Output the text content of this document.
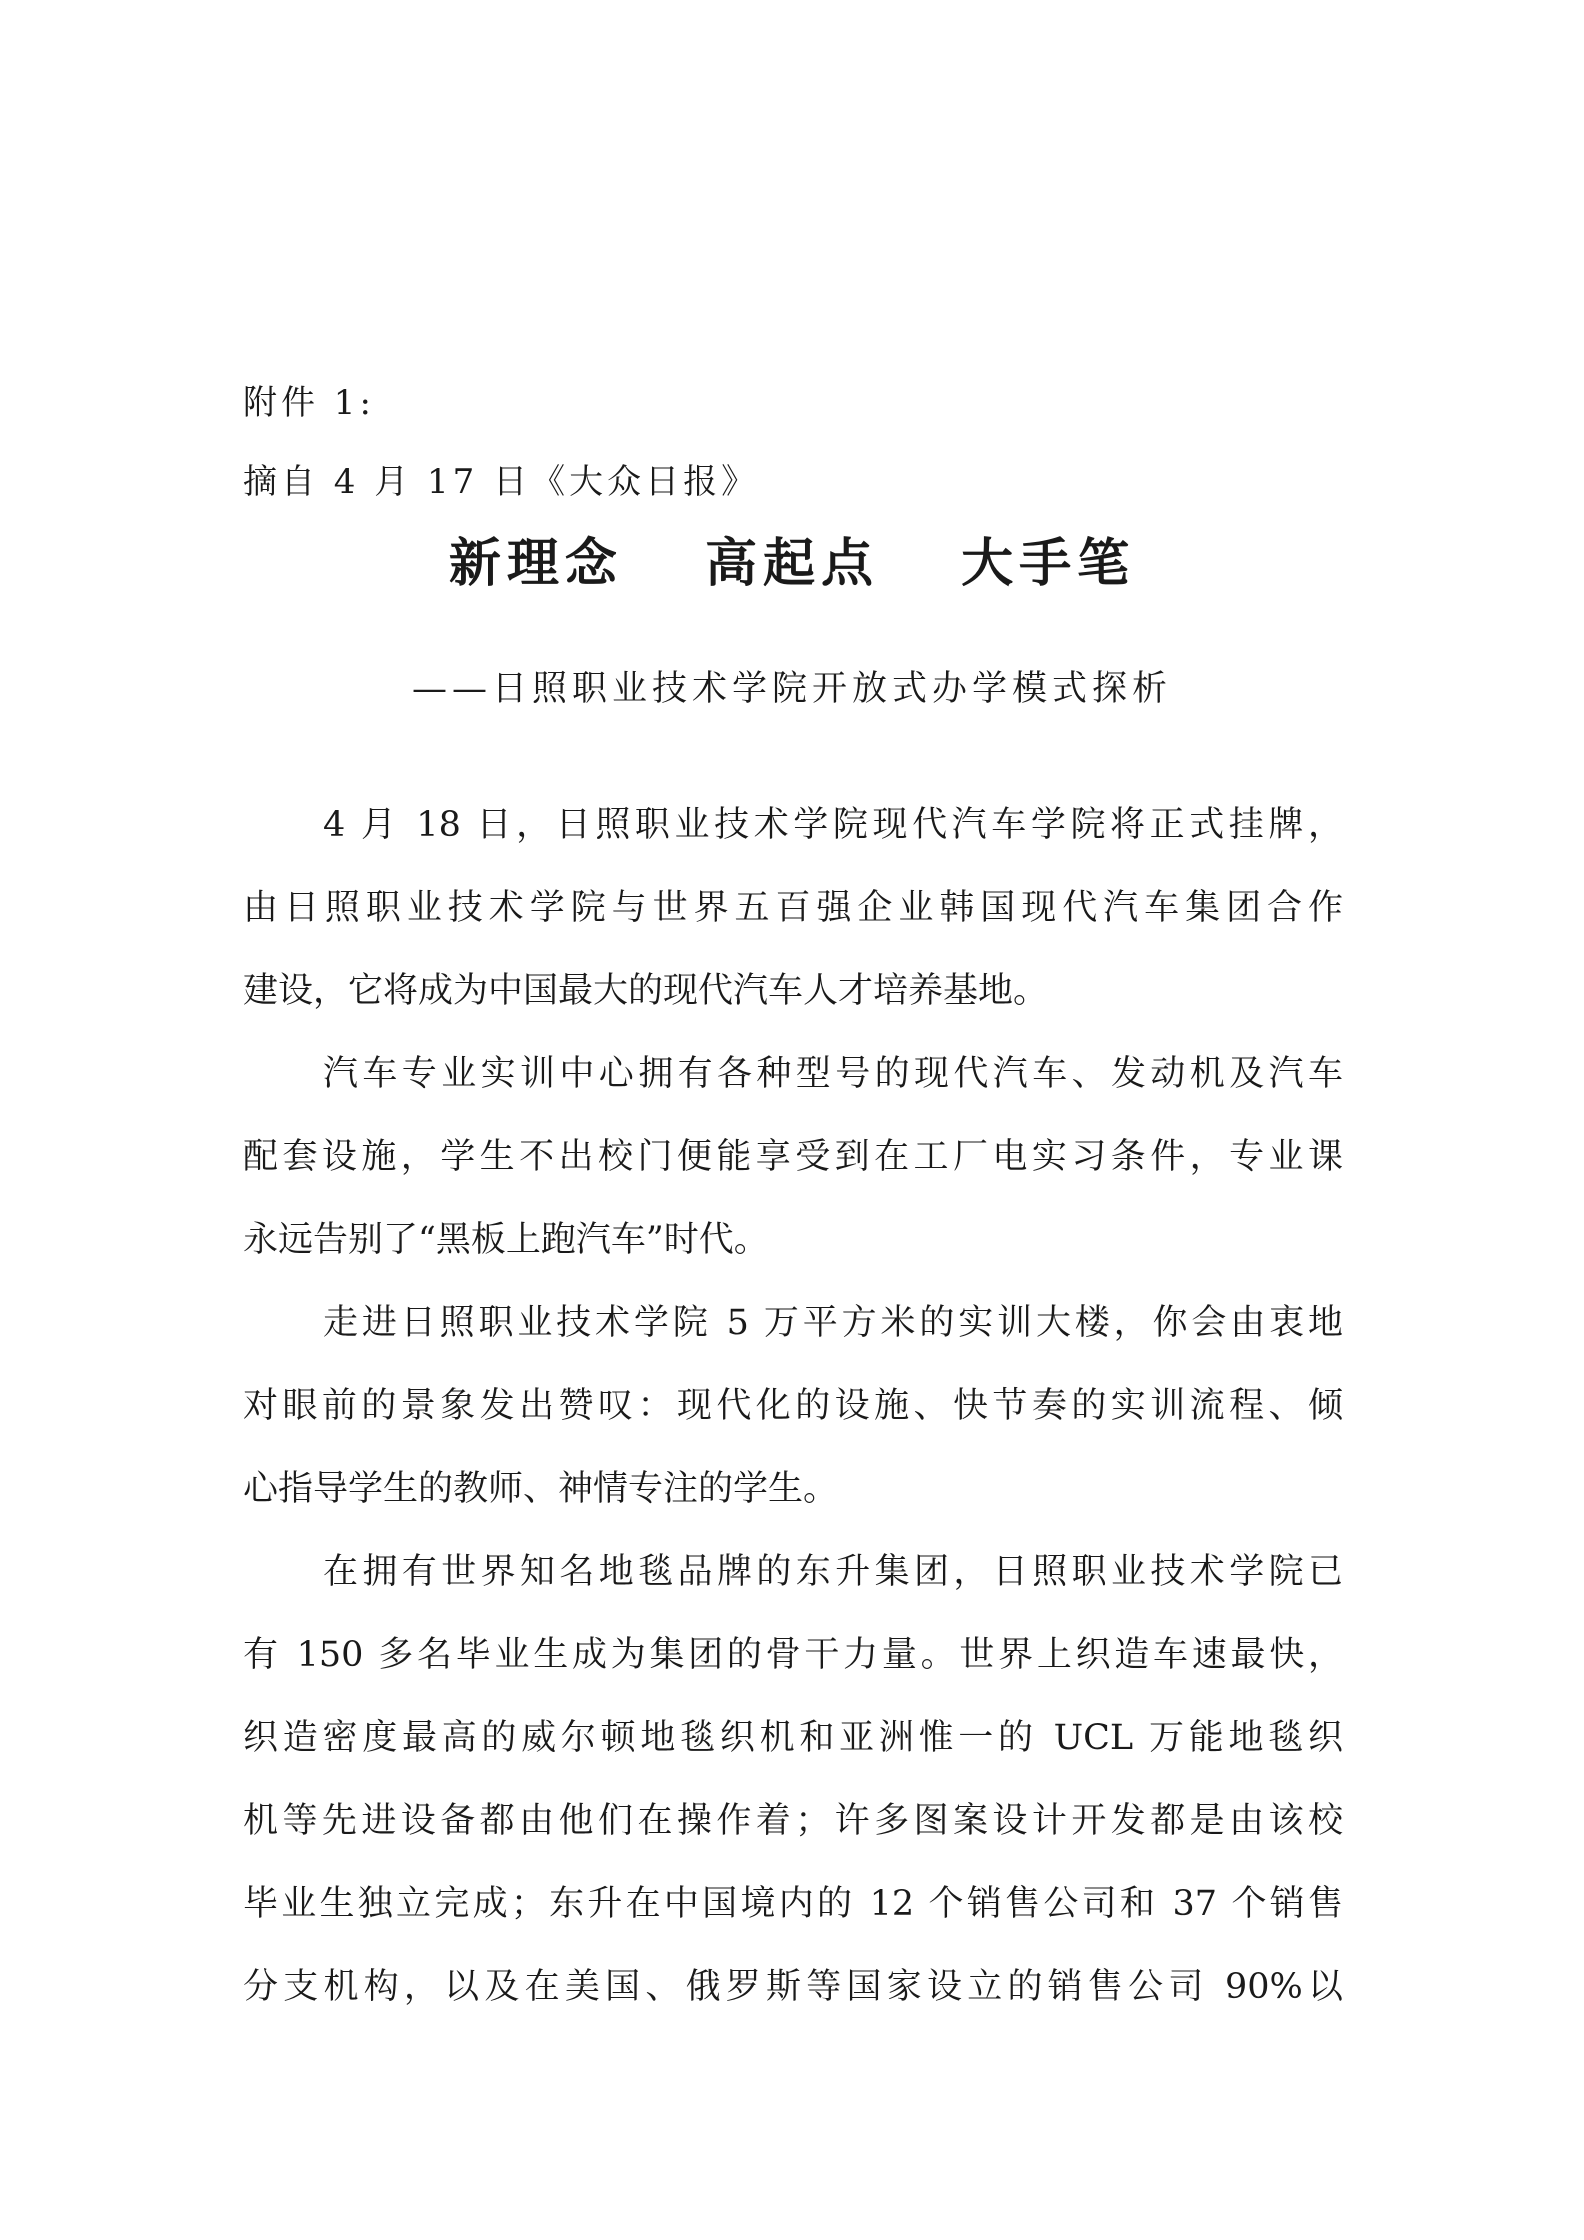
附件 1:
摘自 4 月 17 日《大众日报》
新理念　 高起点　 大手笔
——日照职业技术学院开放式办学模式探析
4 月 18 日，日照职业技术学院现代汽车学院将正式挂牌，
由日照职业技术学院与世界五百强企业韩国现代汽车集团合作
建设，它将成为中国最大的现代汽车人才培养基地。
汽车专业实训中心拥有各种型号的现代汽车、发动机及汽车
配套设施，学生不出校门便能享受到在工厂电实习条件，专业课
永远告别了“黑板上跑汽车”时代。
走进日照职业技术学院 5 万平方米的实训大楼，你会由衷地
对眼前的景象发出赞叹：现代化的设施、快节奏的实训流程、倾
心指导学生的教师、神情专注的学生。
在拥有世界知名地毯品牌的东升集团，日照职业技术学院已
有 150 多名毕业生成为集团的骨干力量。世界上织造车速最快，
织造密度最高的威尔顿地毯织机和亚洲惟一的 UCL 万能地毯织
机等先进设备都由他们在操作着；许多图案设计开发都是由该校
毕业生独立完成；东升在中国境内的 12 个销售公司和 37 个销售
分支机构，以及在美国、俄罗斯等国家设立的销售公司 90%以
